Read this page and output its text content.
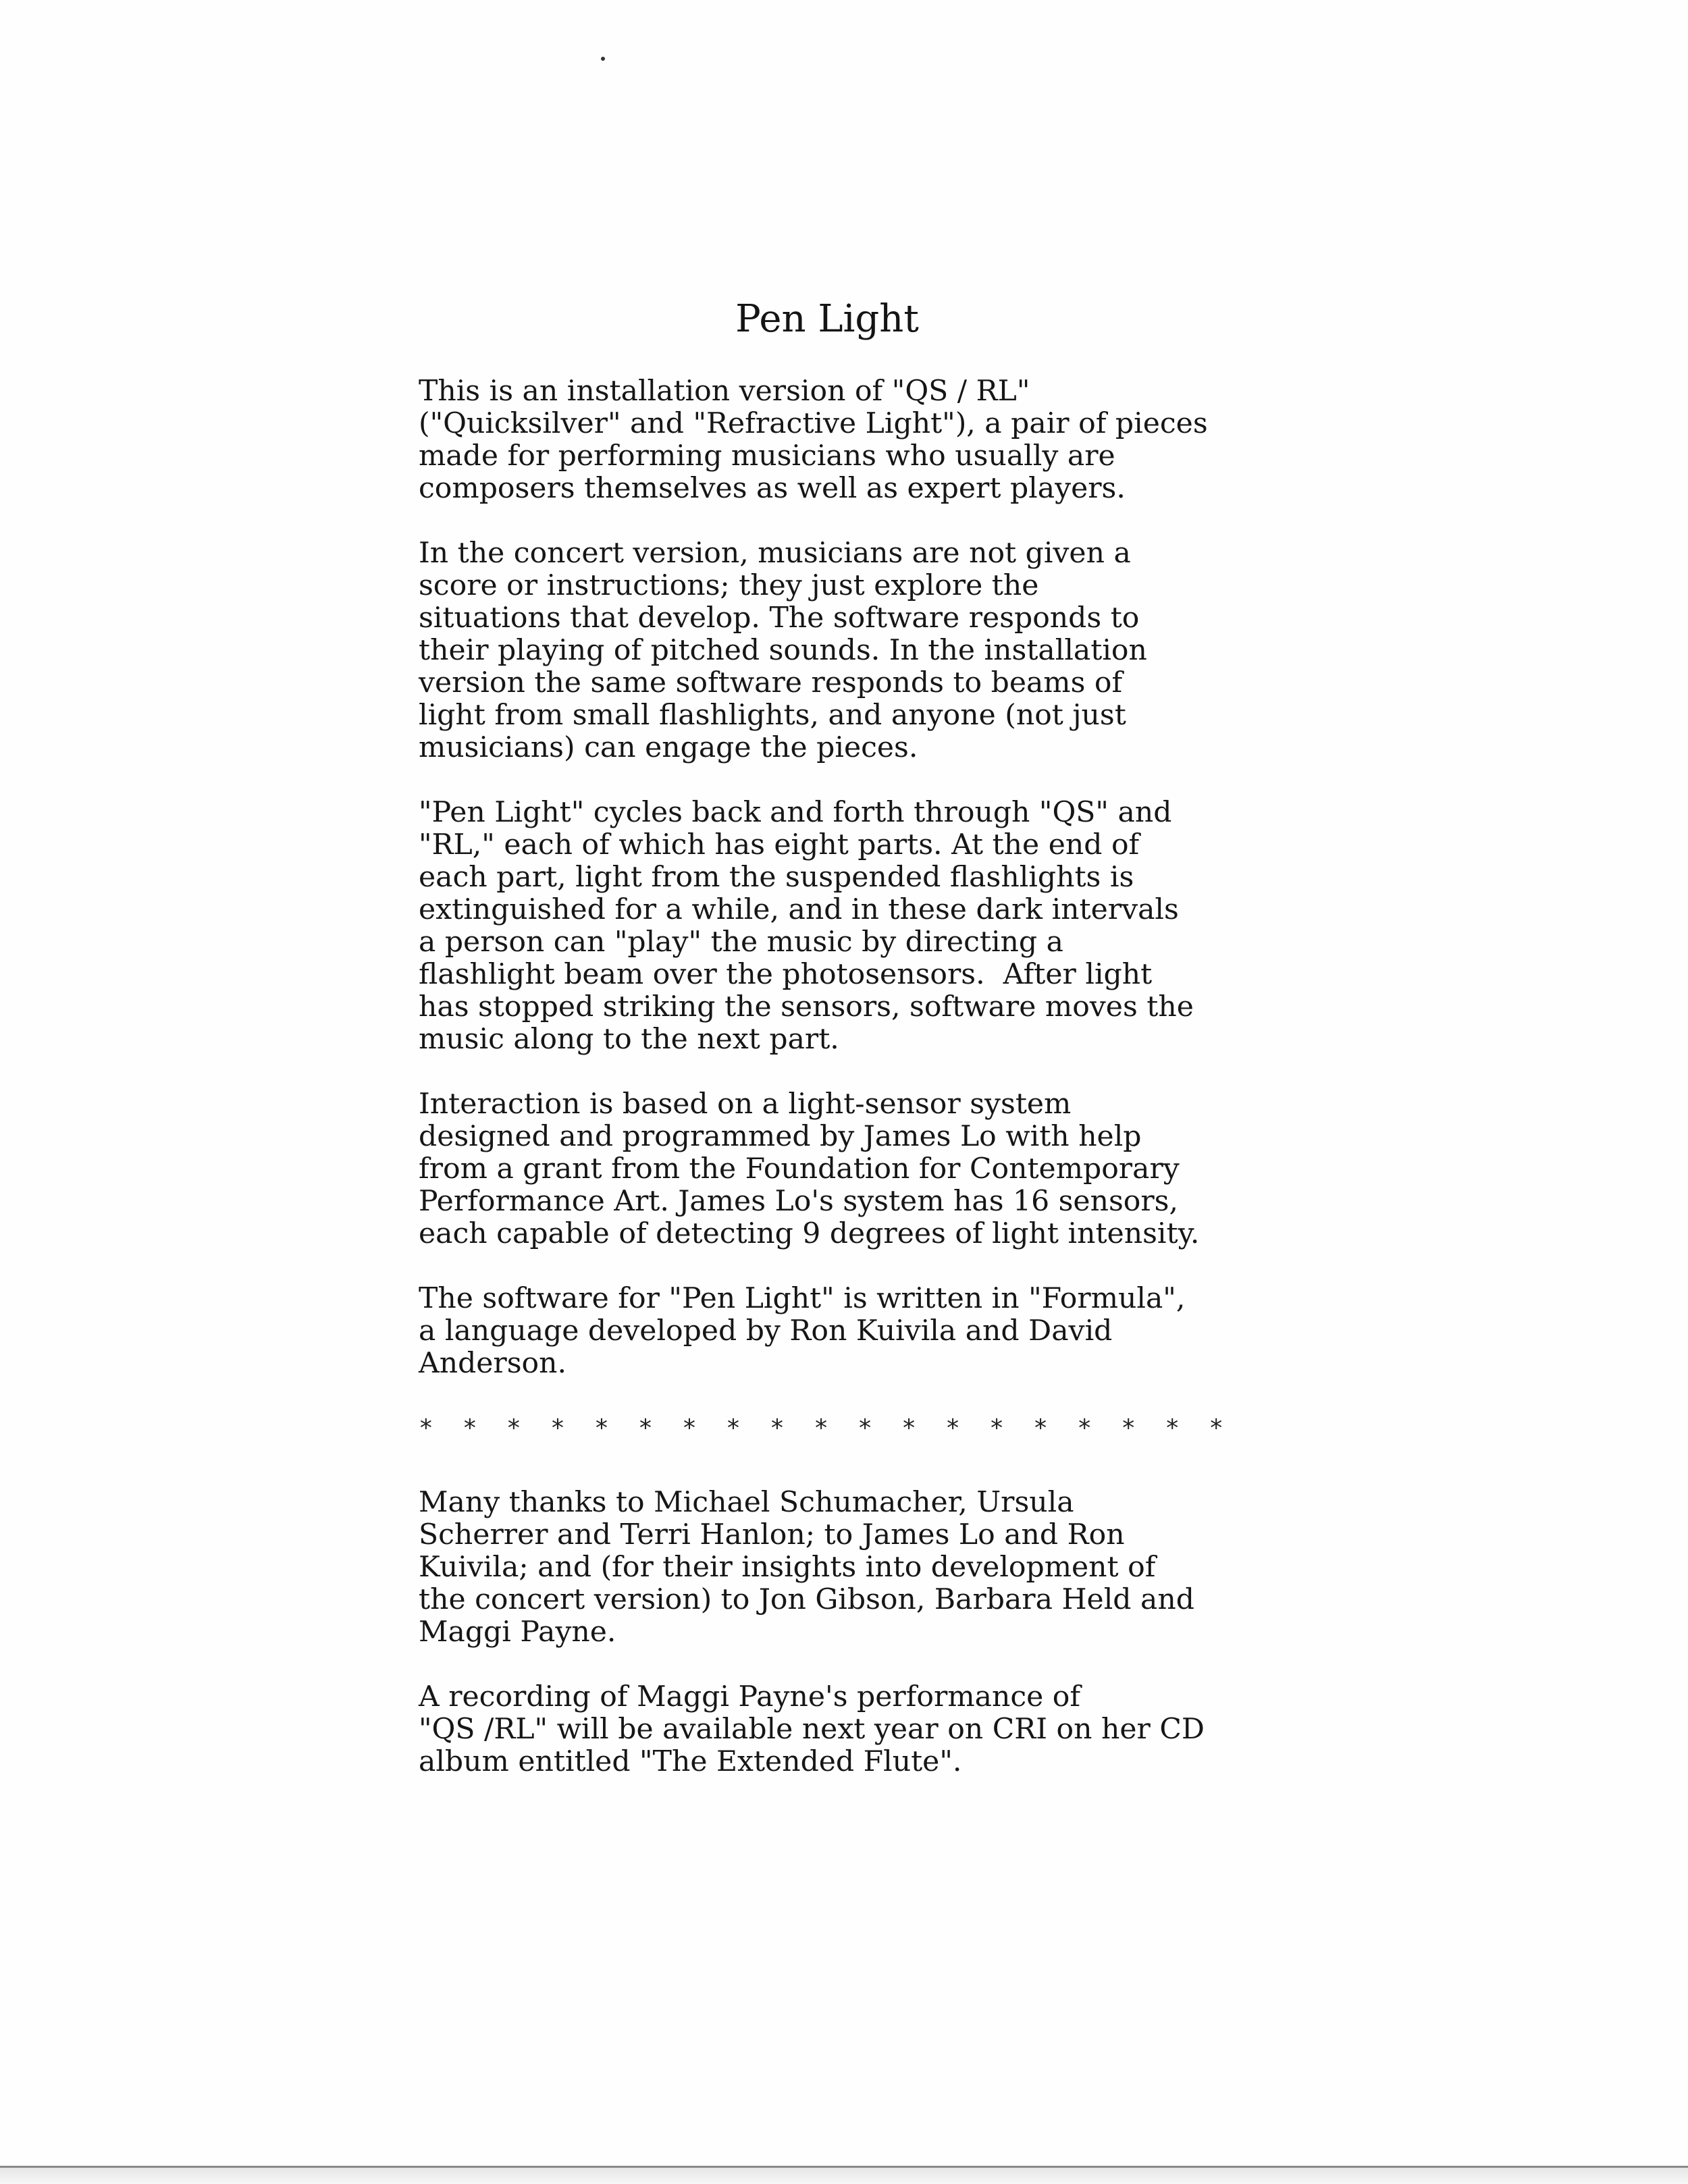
Pen Light

This is an installation version of "QS / RL"
("Quicksilver" and "Refractive Light"), a pair of pieces
made for performing musicians who usually are
composers themselves as well as expert players.

In the concert version, musicians are not given a
score or instructions; they just explore the
situations that develop. The software responds to
their playing of pitched sounds. In the installation
version the same software responds to beams of
light from small flashlights, and anyone (not just
musicians) can engage the pieces.

"Pen Light" cycles back and forth through "QS" and
"RL," each of which has eight parts. At the end of
each part, light from the suspended flashlights is
extinguished for a while, and in these dark intervals
a person can "play" the music by directing a
flashlight beam over the photosensors.  After light
has stopped striking the sensors, software moves the
music along to the next part.

Interaction is based on a light-sensor system
designed and programmed by James Lo with help
from a grant from the Foundation for Contemporary
Performance Art. James Lo's system has 16 sensors,
each capable of detecting 9 degrees of light intensity.

The software for "Pen Light" is written in "Formula",
a language developed by Ron Kuivila and David
Anderson.

*  *  *  *  *  *  *  *  *  *  *  *  *  *  *  *  *  *  *

Many thanks to Michael Schumacher, Ursula
Scherrer and Terri Hanlon; to James Lo and Ron
Kuivila; and (for their insights into development of
the concert version) to Jon Gibson, Barbara Held and
Maggi Payne.

A recording of Maggi Payne's performance of
"QS /RL" will be available next year on CRI on her CD
album entitled "The Extended Flute".
